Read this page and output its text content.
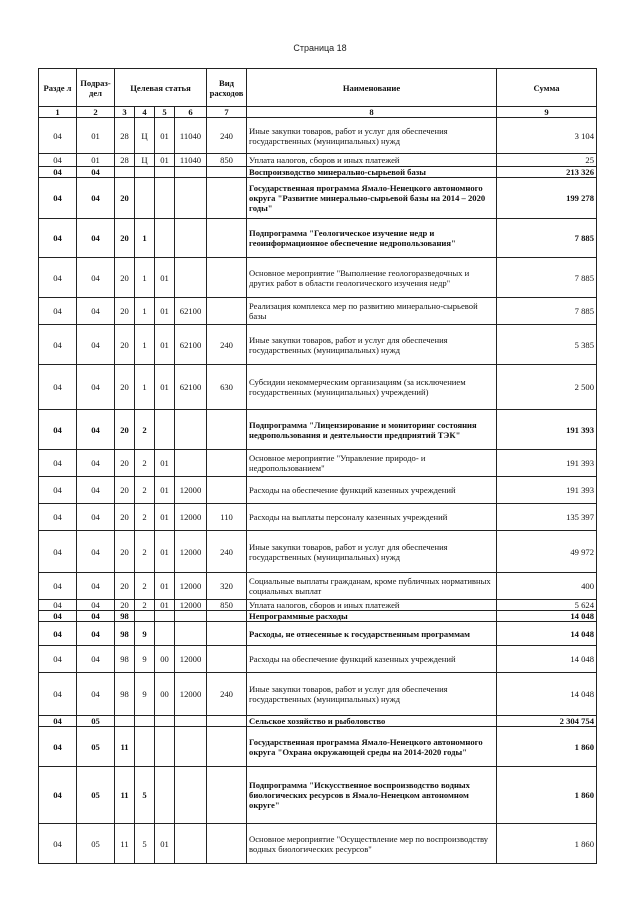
Страница 18
Разде л	Подраз- дел	Целевая статья				Вид расходов	Наименование	Сумма
1	2	3	4	5	6	7	8	9
04	01	28	Ц	01	11040	240	Иные закупки товаров, работ и услуг для обеспечения государственных (муниципальных) нужд	3 104
04	01	28	Ц	01	11040	850	Уплата налогов, сборов и иных платежей	25
04	04						Воспроизводство минерально-сырьевой базы	213 326
04	04	20					Государственная программа Ямало-Ненецкого автономного округа "Развитие минерально-сырьевой базы на 2014 – 2020 годы"	199 278
04	04	20	1				Подпрограмма "Геологическое изучение недр и геоинформационное обеспечение недропользования"	7 885
04	04	20	1	01			Основное мероприятие "Выполнение геологоразведочных и других работ в области геологического изучения недр"	7 885
04	04	20	1	01	62100		Реализация комплекса мер по развитию минерально-сырьевой базы	7 885
04	04	20	1	01	62100	240	Иные закупки товаров, работ и услуг для обеспечения государственных (муниципальных) нужд	5 385
04	04	20	1	01	62100	630	Субсидии некоммерческим организациям (за исключением государственных (муниципальных) учреждений)	2 500
04	04	20	2				Подпрограмма "Лицензирование и мониторинг состояния недропользования и деятельности предприятий ТЭК"	191 393
04	04	20	2	01			Основное мероприятие "Управление природо- и недропользованием"	191 393
04	04	20	2	01	12000		Расходы на обеспечение функций казенных учреждений	191 393
04	04	20	2	01	12000	110	Расходы на выплаты персоналу казенных учреждений	135 397
04	04	20	2	01	12000	240	Иные закупки товаров, работ и услуг для обеспечения государственных (муниципальных) нужд	49 972
04	04	20	2	01	12000	320	Социальные выплаты гражданам, кроме публичных нормативных социальных выплат	400
04	04	20	2	01	12000	850	Уплата налогов, сборов и иных платежей	5 624
04	04	98					Непрограммные расходы	14 048
04	04	98	9				Расходы, не отнесенные к государственным программам	14 048
04	04	98	9	00	12000		Расходы на обеспечение функций казенных учреждений	14 048
04	04	98	9	00	12000	240	Иные закупки товаров, работ и услуг для обеспечения государственных (муниципальных) нужд	14 048
04	05						Сельское хозяйство и рыболовство	2 304 754
04	05	11					Государственная программа Ямало-Ненецкого автономного округа "Охрана окружающей среды на 2014-2020 годы"	1 860
04	05	11	5				Подпрограмма "Искусственное воспроизводство водных биологических ресурсов в Ямало-Ненецком автономном округе"	1 860
04	05	11	5	01			Основное мероприятие "Осуществление мер по воспроизводству водных биологических ресурсов"	1 860
